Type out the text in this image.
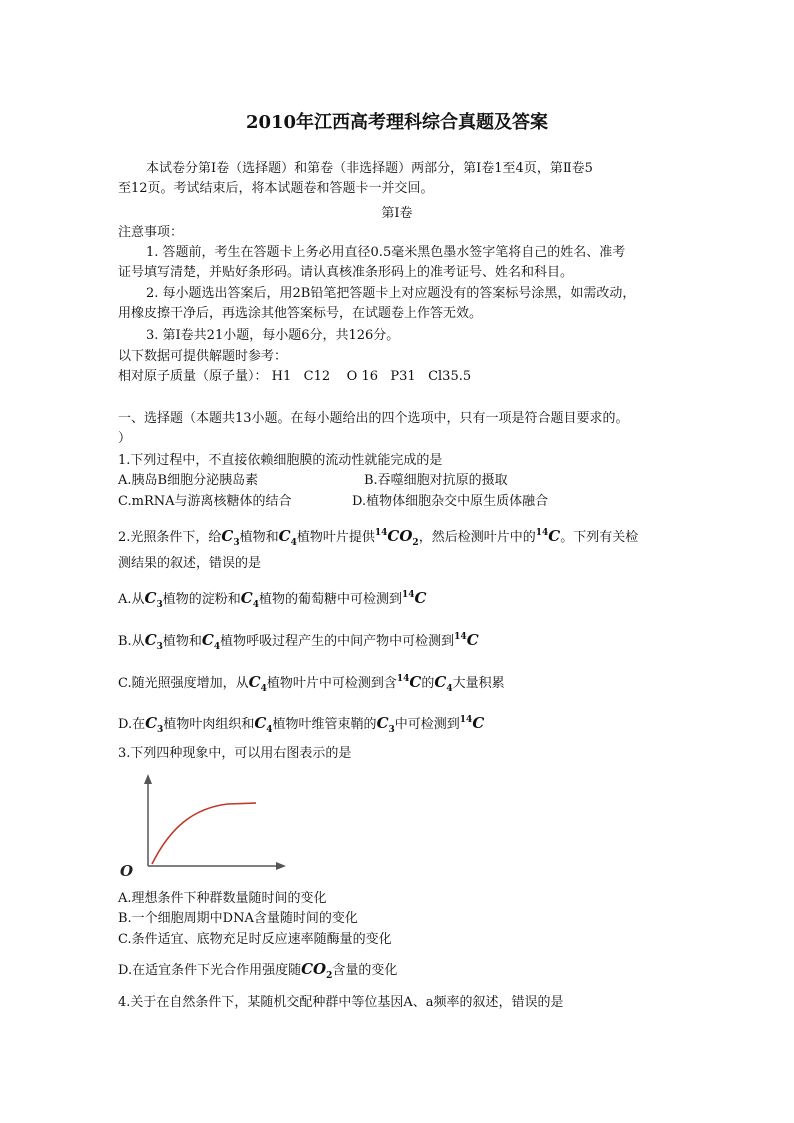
2010年江西高考理科综合真题及答案
本试卷分第Ⅰ卷（选择题）和第卷（非选择题）两部分，第Ⅰ卷1至4页，第Ⅱ卷5
至12页。考试结束后，将本试题卷和答题卡一并交回。
第Ⅰ卷
注意事项：
1. 答题前，考生在答题卡上务必用直径0.5毫米黑色墨水签字笔将自己的姓名、准考
证号填写清楚，并贴好条形码。请认真核准条形码上的准考证号、姓名和科目。
2. 每小题选出答案后，用2B铅笔把答题卡上对应题没有的答案标号涂黑，如需改动，
用橡皮擦干净后，再选涂其他答案标号，在试题卷上作答无效。
3. 第Ⅰ卷共21小题，每小题6分，共126分。
以下数据可提供解题时参考：
相对原子质量（原子量）： H1   C12    O 16   P31   Cl35.5
一、选择题（本题共13小题。在每小题给出的四个选项中，只有一项是符合题目要求的。
）
1.下列过程中，不直接依赖细胞膜的流动性就能完成的是
A.胰岛B细胞分泌胰岛素	B.吞噬细胞对抗原的摄取
C.mRNA与游离核糖体的结合	D.植物体细胞杂交中原生质体融合
2.光照条件下，给$C_3$植物和$C_4$植物叶片提供$^{14}CO_2$，然后检测叶片中的$^{14}$C。下列有关检
测结果的叙述，错误的是
A.从$C_3$植物的淀粉和$C_4$植物的葡萄糖中可检测到$^{14}$C
B.从$C_3$植物和$C_4$植物呼吸过程产生的中间产物中可检测到$^{14}$C
C.随光照强度增加，从$C_4$植物叶片中可检测到含$^{14}$C的$C_4$大量积累
D.在$C_3$植物叶肉组织和$C_4$植物叶维管束鞘的$C_3$中可检测到$^{14}$C
3.下列四种现象中，可以用右图表示的是
O
A.理想条件下种群数量随时间的变化
B.一个细胞周期中DNA含量随时间的变化
C.条件适宜、底物充足时反应速率随酶量的变化
D.在适宜条件下光合作用强度随$CO_2$含量的变化
4.关于在自然条件下，某随机交配种群中等位基因A、a频率的叙述，错误的是
